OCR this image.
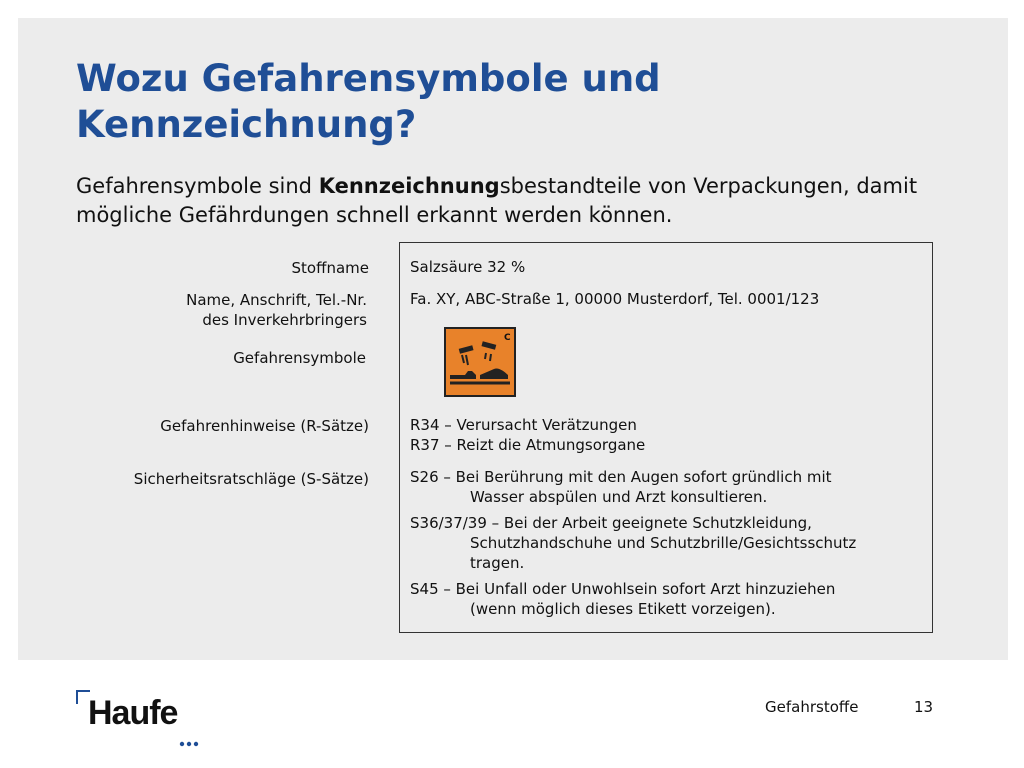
Wozu Gefahrensymbole und Kennzeichnung?
Gefahrensymbole sind Kennzeichnungsbestandteile von Verpackungen, damit mögliche Gefährdungen schnell erkannt werden können.
Stoffname
Name, Anschrift, Tel.-Nr.
des Inverkehrbringers
Gefahrensymbole
Gefahrenhinweise (R-Sätze)
Sicherheitsratschläge (S-Sätze)
Salzsäure 32 %
Fa. XY, ABC-Straße 1, 00000 Musterdorf, Tel. 0001/123
C
R34 – Verursacht Verätzungen
R37 – Reizt die Atmungsorgane
S26 – Bei Berührung mit den Augen sofort gründlich mit
Wasser abspülen und Arzt konsultieren.
S36/37/39 – Bei der Arbeit geeignete Schutzkleidung,
Schutzhandschuhe und Schutzbrille/Gesichtsschutz
tragen.
S45 – Bei Unfall oder Unwohlsein sofort Arzt hinzuziehen
(wenn möglich dieses Etikett vorzeigen).
Haufe	Gefahrstoffe	13
